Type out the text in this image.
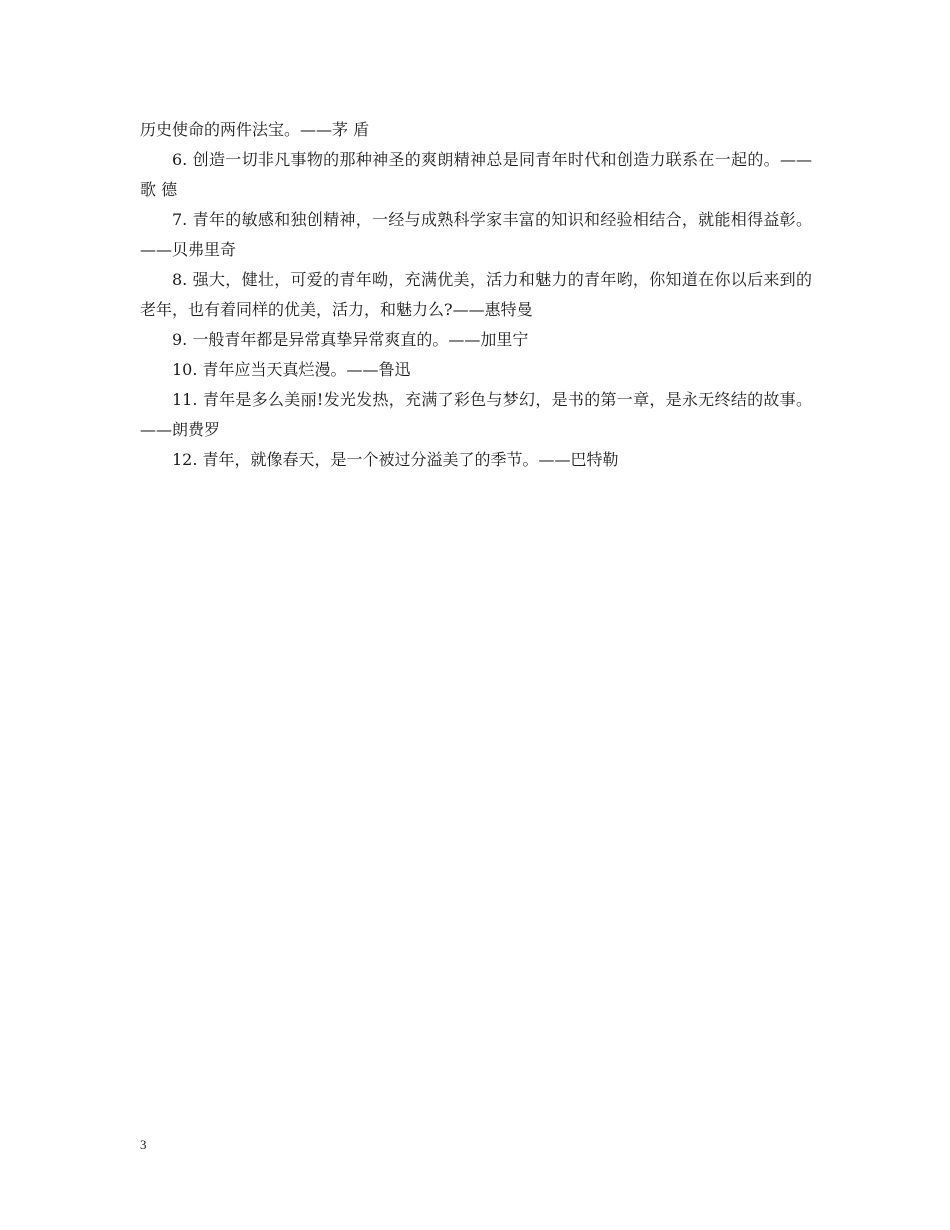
历史使命的两件法宝。——茅 盾

6. 创造一切非凡事物的那种神圣的爽朗精神总是同青年时代和创造力联系在一起的。——歌 德

7. 青年的敏感和独创精神，一经与成熟科学家丰富的知识和经验相结合，就能相得益彰。——贝弗里奇

8. 强大，健壮，可爱的青年呦，充满优美，活力和魅力的青年哟，你知道在你以后来到的老年，也有着同样的优美，活力，和魅力么?——惠特曼

9. 一般青年都是异常真挚异常爽直的。——加里宁

10. 青年应当天真烂漫。——鲁迅

11. 青年是多么美丽!发光发热，充满了彩色与梦幻，是书的第一章，是永无终结的故事。——朗费罗

12. 青年，就像春天，是一个被过分溢美了的季节。——巴特勒

3
